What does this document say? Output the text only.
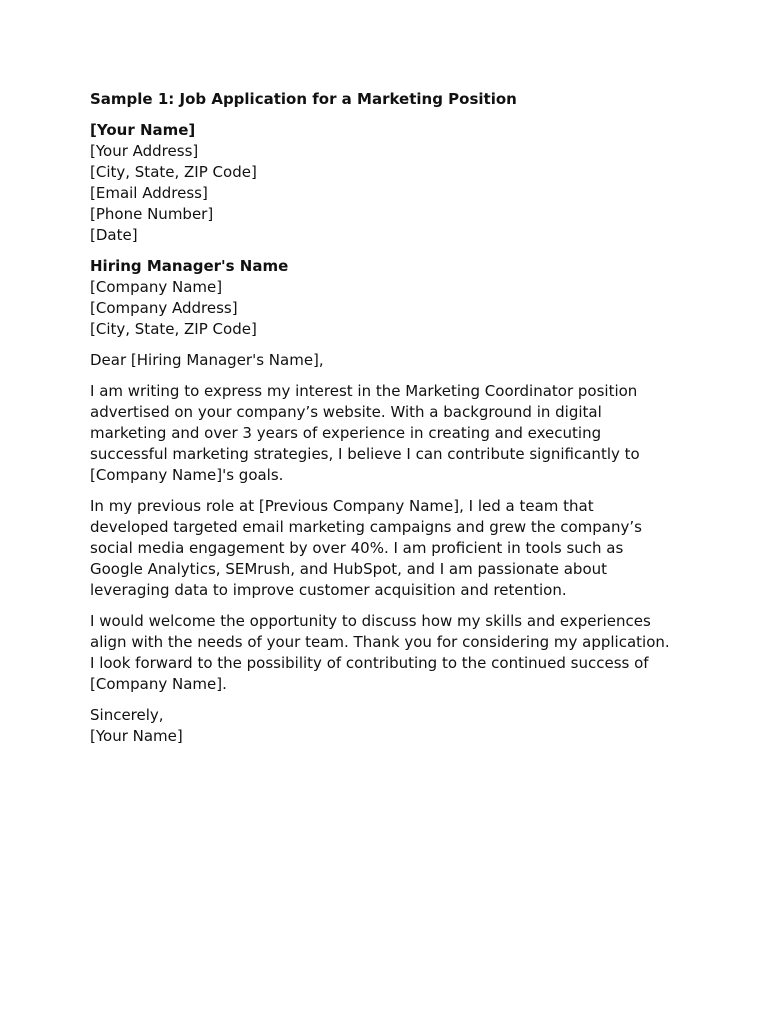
Sample 1: Job Application for a Marketing Position
[Your Name]
[Your Address]
[City, State, ZIP Code]
[Email Address]
[Phone Number]
[Date]
Hiring Manager's Name
[Company Name]
[Company Address]
[City, State, ZIP Code]
Dear [Hiring Manager's Name],
I am writing to express my interest in the Marketing Coordinator position
advertised on your company’s website. With a background in digital
marketing and over 3 years of experience in creating and executing
successful marketing strategies, I believe I can contribute significantly to
[Company Name]'s goals.
In my previous role at [Previous Company Name], I led a team that
developed targeted email marketing campaigns and grew the company’s
social media engagement by over 40%. I am proficient in tools such as
Google Analytics, SEMrush, and HubSpot, and I am passionate about
leveraging data to improve customer acquisition and retention.
I would welcome the opportunity to discuss how my skills and experiences
align with the needs of your team. Thank you for considering my application.
I look forward to the possibility of contributing to the continued success of
[Company Name].
Sincerely,
[Your Name]
